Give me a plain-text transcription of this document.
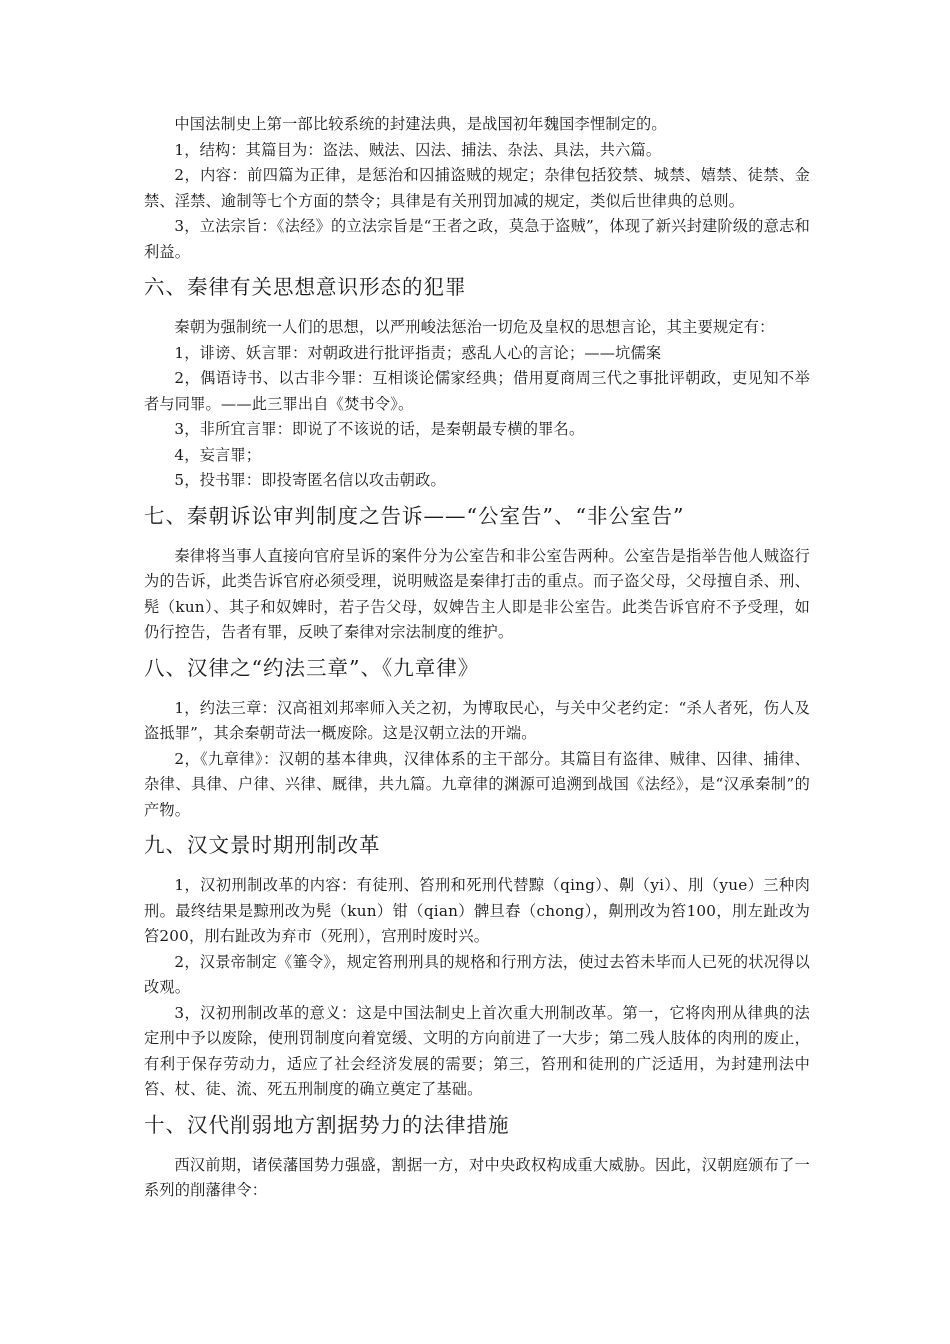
中国法制史上第一部比较系统的封建法典，是战国初年魏国李悝制定的。

1，结构：其篇目为：盗法、贼法、囚法、捕法、杂法、具法，共六篇。

2，内容：前四篇为正律，是惩治和囚捕盗贼的规定；杂律包括狡禁、城禁、嬉禁、徒禁、金禁、淫禁、逾制等七个方面的禁令；具律是有关刑罚加减的规定，类似后世律典的总则。

3，立法宗旨：《法经》的立法宗旨是“王者之政，莫急于盗贼”，体现了新兴封建阶级的意志和利益。

六、秦律有关思想意识形态的犯罪

秦朝为强制统一人们的思想，以严刑峻法惩治一切危及皇权的思想言论，其主要规定有：

1，诽谤、妖言罪：对朝政进行批评指责；惑乱人心的言论；——坑儒案

2，偶语诗书、以古非今罪：互相谈论儒家经典；借用夏商周三代之事批评朝政，吏见知不举者与同罪。——此三罪出自《焚书令》。

3，非所宜言罪：即说了不该说的话，是秦朝最专横的罪名。

4，妄言罪；

5，投书罪：即投寄匿名信以攻击朝政。

七、秦朝诉讼审判制度之告诉——“公室告”、“非公室告”

秦律将当事人直接向官府呈诉的案件分为公室告和非公室告两种。公室告是指举告他人贼盗行为的告诉，此类告诉官府必须受理，说明贼盗是秦律打击的重点。而子盗父母，父母擅自杀、刑、髡（kun）、其子和奴婢时，若子告父母，奴婢告主人即是非公室告。此类告诉官府不予受理，如仍行控告，告者有罪，反映了秦律对宗法制度的维护。

八、汉律之“约法三章”、《九章律》

1，约法三章：汉高祖刘邦率师入关之初，为博取民心，与关中父老约定：“杀人者死，伤人及盗抵罪”，其余秦朝苛法一概废除。这是汉朝立法的开端。

2，《九章律》：汉朝的基本律典，汉律体系的主干部分。其篇目有盗律、贼律、囚律、捕律、杂律、具律、户律、兴律、厩律，共九篇。九章律的渊源可追溯到战国《法经》，是“汉承秦制”的产物。

九、汉文景时期刑制改革

1，汉初刑制改革的内容：有徒刑、笞刑和死刑代替黥（qing）、劓（yi）、刖（yue）三种肉刑。最终结果是黥刑改为髡（kun）钳（qian）髀旦舂（chong），劓刑改为笞100，刖左趾改为笞200，刖右趾改为弃市（死刑），宫刑时废时兴。

2，汉景帝制定《箠令》，规定笞刑刑具的规格和行刑方法，使过去笞未毕而人已死的状况得以改观。

3，汉初刑制改革的意义：这是中国法制史上首次重大刑制改革。第一，它将肉刑从律典的法定刑中予以废除，使刑罚制度向着宽缓、文明的方向前进了一大步；第二残人肢体的肉刑的废止，有利于保存劳动力，适应了社会经济发展的需要；第三，笞刑和徒刑的广泛适用，为封建刑法中笞、杖、徒、流、死五刑制度的确立奠定了基础。

十、汉代削弱地方割据势力的法律措施

西汉前期，诸侯藩国势力强盛，割据一方，对中央政权构成重大威胁。因此，汉朝庭颁布了一系列的削藩律令：
